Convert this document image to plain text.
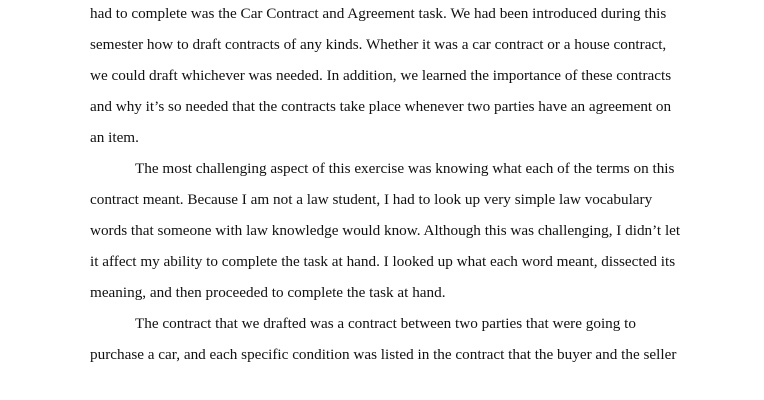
had to complete was the Car Contract and Agreement task. We had been introduced during this
semester how to draft contracts of any kinds. Whether it was a car contract or a house contract,
we could draft whichever was needed. In addition, we learned the importance of these contracts
and why it’s so needed that the contracts take place whenever two parties have an agreement on
an item.
The most challenging aspect of this exercise was knowing what each of the terms on this
contract meant. Because I am not a law student, I had to look up very simple law vocabulary
words that someone with law knowledge would know. Although this was challenging, I didn’t let
it affect my ability to complete the task at hand. I looked up what each word meant, dissected its
meaning, and then proceeded to complete the task at hand.
The contract that we drafted was a contract between two parties that were going to
purchase a car, and each specific condition was listed in the contract that the buyer and the seller
